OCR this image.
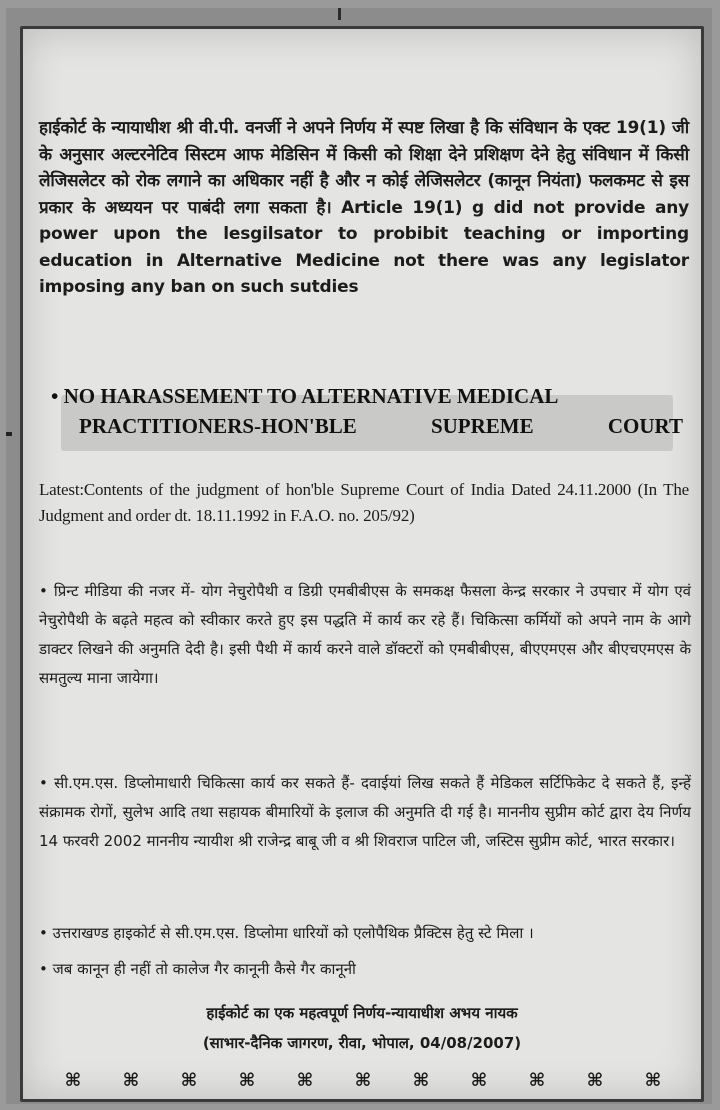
हाईकोर्ट के न्यायाधीश श्री वी.पी. वनर्जी ने अपने निर्णय में स्पष्ट लिखा है कि संविधान के एक्ट 19(1) जी के अनुसार अल्टरनेटिव सिस्टम आफ मेडिसिन में किसी को शिक्षा देने प्रशिक्षण देने हेतु संविधान में किसी लेजिसलेटर को रोक लगाने का अधिकार नहीं है और न कोई लेजिसलेटर (कानून नियंता) फलकमट से इस प्रकार के अध्ययन पर पाबंदी लगा सकता है। Article 19(1) g did not provide any power upon the lesgilsator to probibit teaching or importing education in Alternative Medicine not there was any legislator imposing any ban on such sutdies
• NO HARASSEMENT TO ALTERNATIVE MEDICAL
PRACTITIONERS-HON'BLE SUPREME COURT
Latest:Contents of the judgment of hon'ble Supreme Court of India Dated 24.11.2000 (In The Judgment and order dt. 18.11.1992 in F.A.O. no. 205/92)
• प्रिन्ट मीडिया की नजर में- योग नेचुरोपैथी व डिग्री एमबीबीएस के समकक्ष फैसला केन्द्र सरकार ने उपचार में योग एवं नेचुरोपैथी के बढ़ते महत्व को स्वीकार करते हुए इस पद्धति में कार्य कर रहे हैं। चिकित्सा कर्मियों को अपने नाम के आगे डाक्टर लिखने की अनुमति देदी है। इसी पैथी में कार्य करने वाले डॉक्टरों को एमबीबीएस, बीएएमएस और बीएचएमएस के समतुल्य माना जायेगा।
• सी.एम.एस. डिप्लोमाधारी चिकित्सा कार्य कर सकते हैं- दवाईयां लिख सकते हैं मेडिकल सर्टिफिकेट दे सकते हैं, इन्हें संक्रामक रोगों, सुलेभ आदि तथा सहायक बीमारियों के इलाज की अनुमति दी गई है। माननीय सुप्रीम कोर्ट द्वारा देय निर्णय 14 फरवरी 2002 माननीय न्यायीश श्री राजेन्द्र बाबू जी व श्री शिवराज पाटिल जी, जस्टिस सुप्रीम कोर्ट, भारत सरकार।
• उत्तराखण्ड हाइकोर्ट से सी.एम.एस. डिप्लोमा धारियों को एलोपैथिक प्रैक्टिस हेतु स्टे मिला ।
• जब कानून ही नहीं तो कालेज गैर कानूनी कैसे गैर कानूनी
हाईकोर्ट का एक महत्वपूर्ण निर्णय-न्यायाधीश अभय नायक
(साभार-दैनिक जागरण, रीवा, भोपाल, 04/08/2007)
⌘ ⌘ ⌘ ⌘ ⌘ ⌘ ⌘ ⌘ ⌘ ⌘ ⌘
